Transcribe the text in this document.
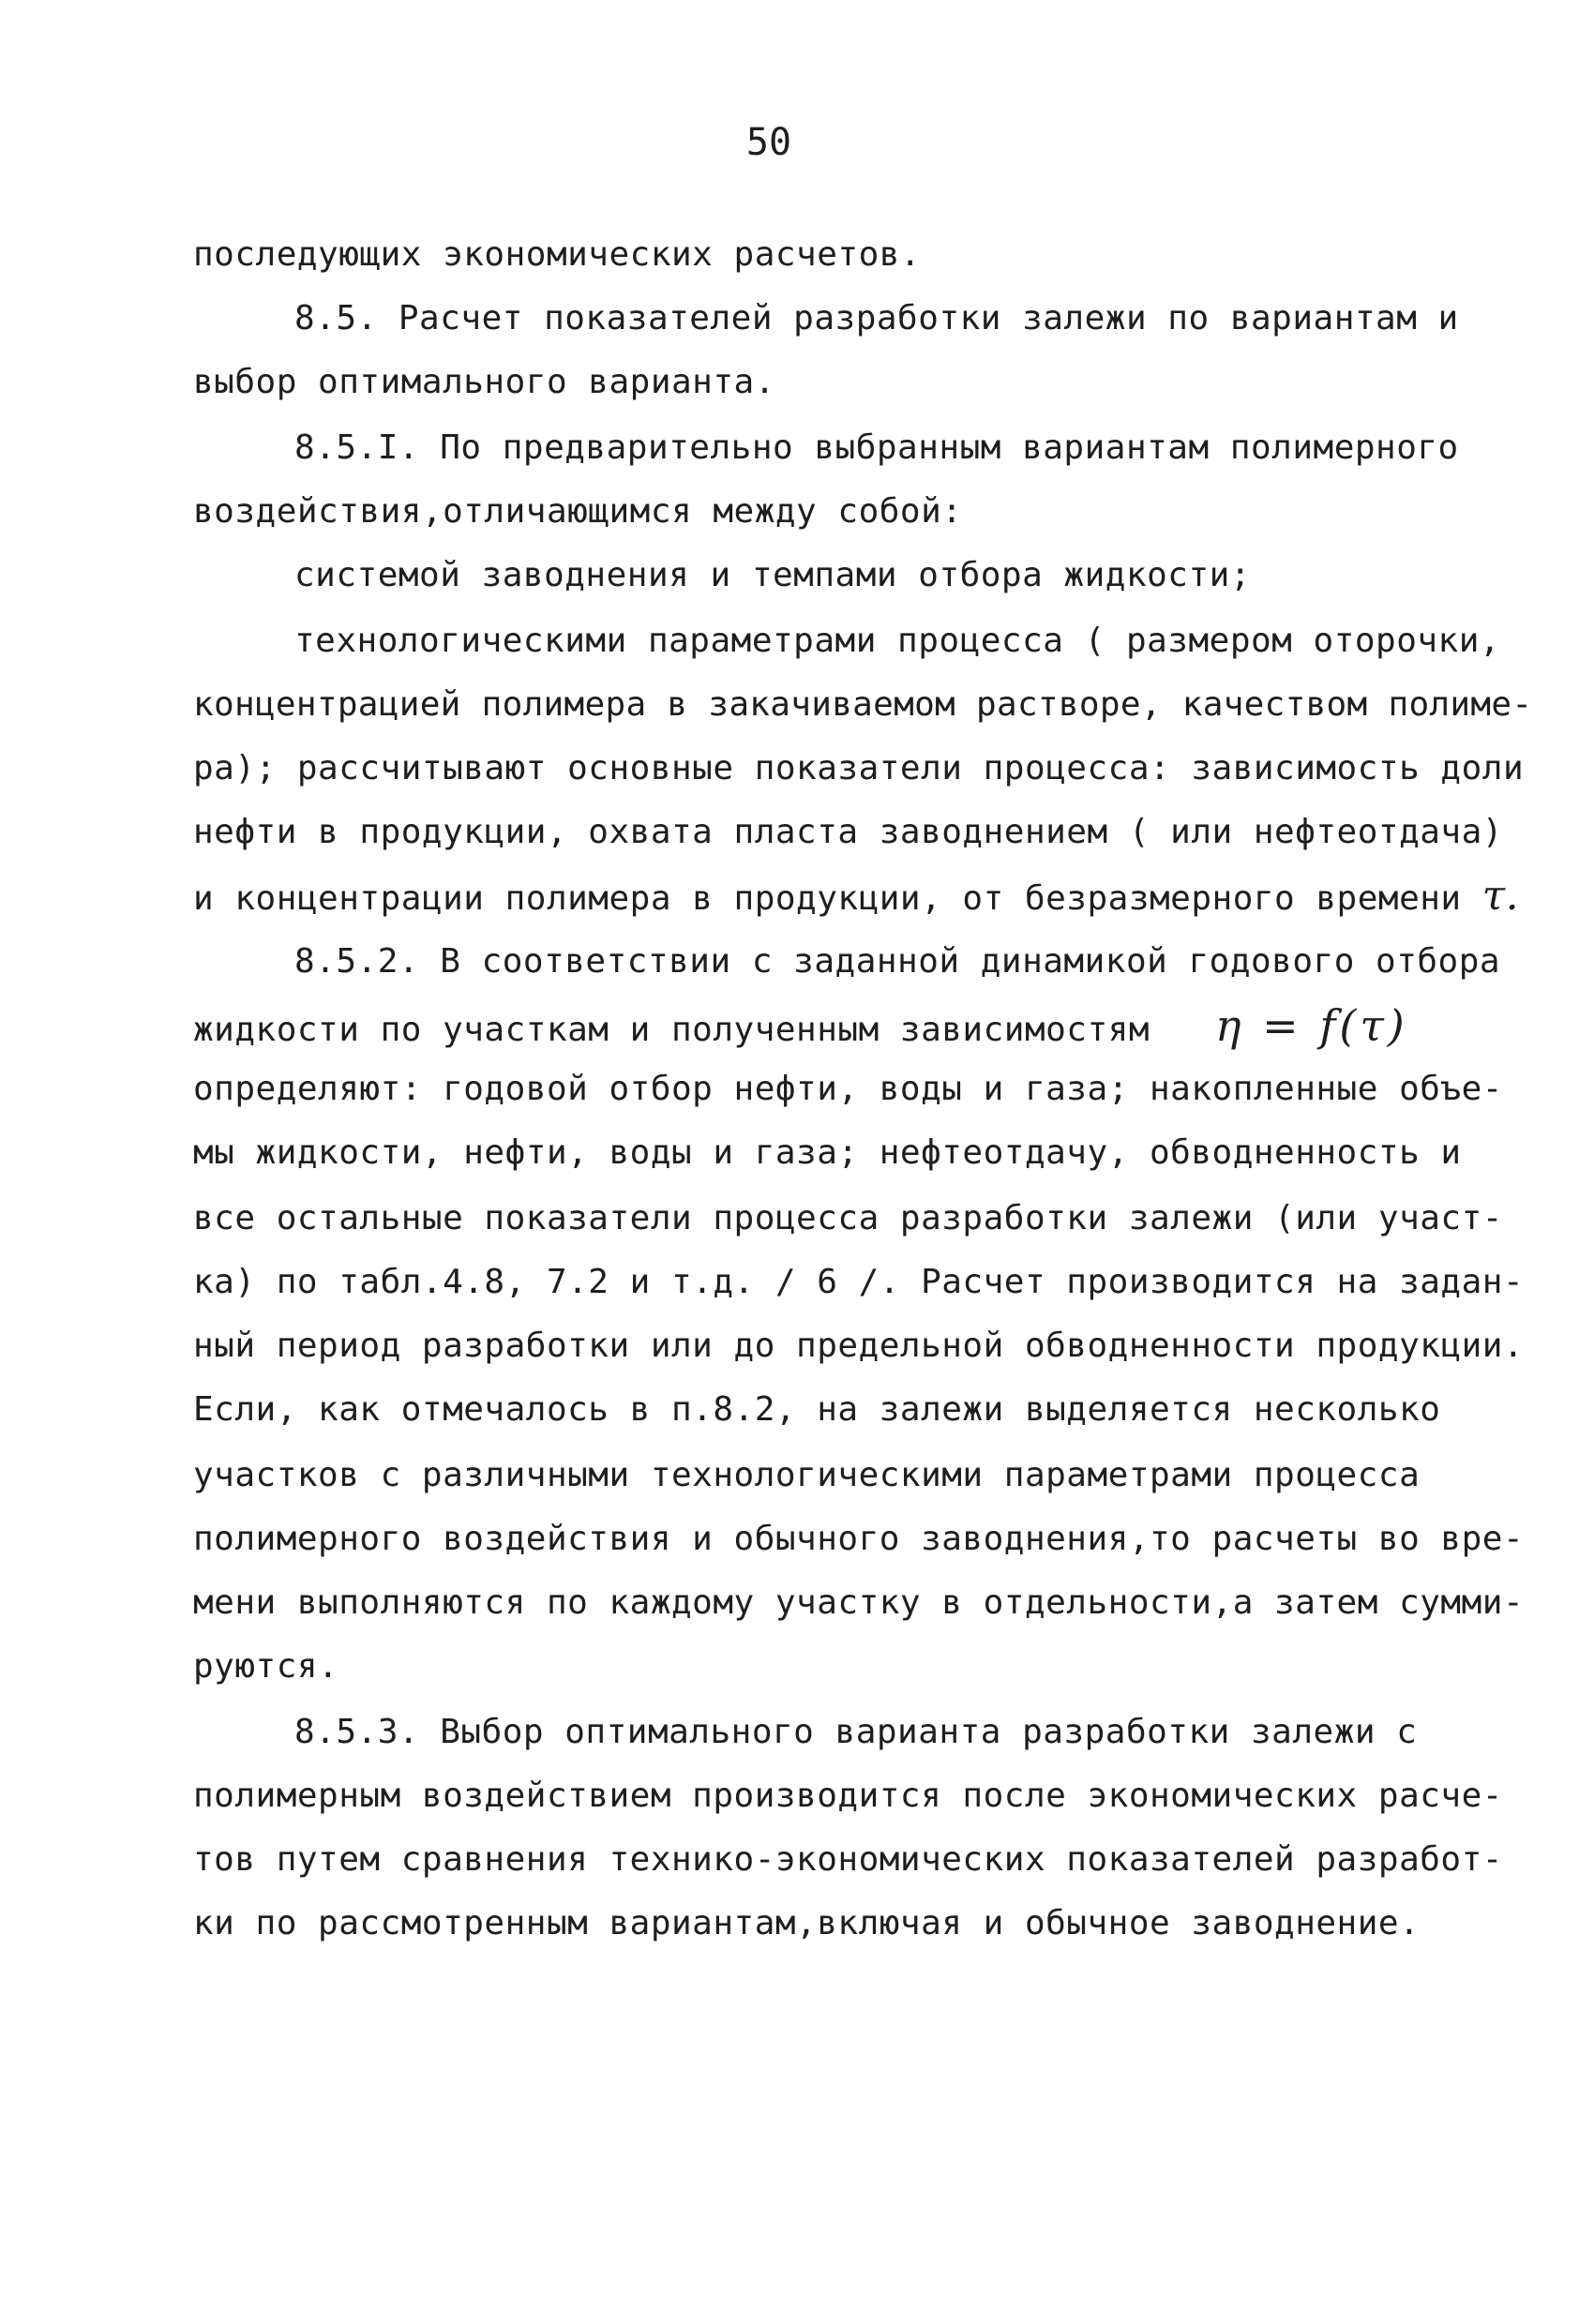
50
последующих экономических расчетов.
8.5. Расчет показателей разработки залежи по вариантам и
выбор оптимального варианта.
8.5.I. По предварительно выбранным вариантам полимерного
воздействия,отличающимся между собой:
системой заводнения и темпами отбора жидкости;
технологическими параметрами процесса ( размером оторочки,
концентрацией полимера в закачиваемом растворе, качеством полиме-
ра); рассчитывают основные показатели процесса: зависимость доли
нефти в продукции, охвата пласта заводнением ( или нефтеотдача)
и концентрации полимера в продукции, от безразмерного времени τ.
8.5.2. В соответствии с заданной динамикой годового отбора
жидкости по участкам и полученным зависимостям η = f(τ)
определяют: годовой отбор нефти, воды и газа; накопленные объе-
мы жидкости, нефти, воды и газа; нефтеотдачу, обводненность и
все остальные показатели процесса разработки залежи (или участ-
ка) по табл.4.8, 7.2 и т.д. / 6 /. Расчет производится на задан-
ный период разработки или до предельной обводненности продукции.
Если, как отмечалось в п.8.2, на залежи выделяется несколько
участков с различными технологическими параметрами процесса
полимерного воздействия и обычного заводнения,то расчеты во вре-
мени выполняются по каждому участку в отдельности,а затем сумми-
руются.
8.5.3. Выбор оптимального варианта разработки залежи с
полимерным воздействием производится после экономических расче-
тов путем сравнения технико-экономических показателей разработ-
ки по рассмотренным вариантам,включая и обычное заводнение.
